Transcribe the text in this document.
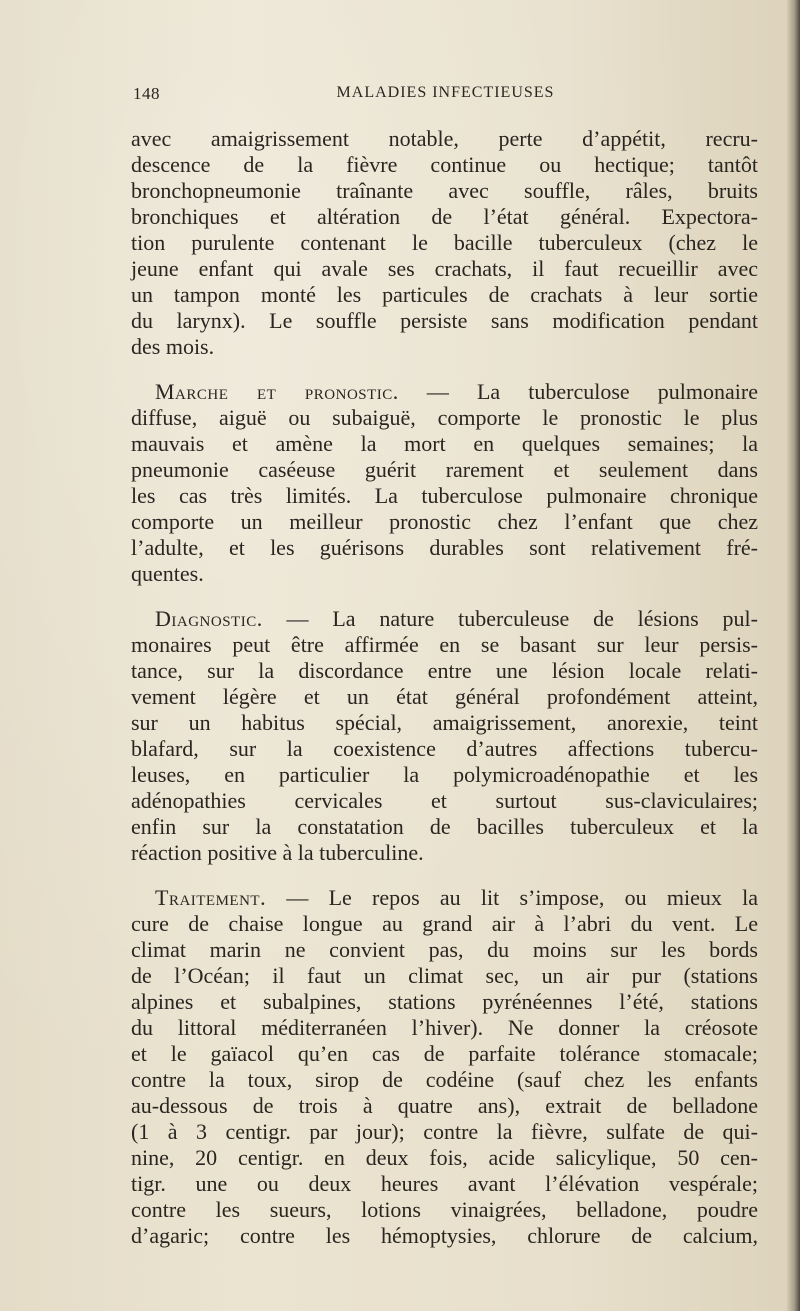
148	MALADIES INFECTIEUSES
avec amaigrissement notable, perte d’appétit, recru-
descence de la fièvre continue ou hectique; tantôt
bronchopneumonie traînante avec souffle, râles, bruits
bronchiques et altération de l’état général. Expectora-
tion purulente contenant le bacille tuberculeux (chez le
jeune enfant qui avale ses crachats, il faut recueillir avec
un tampon monté les particules de crachats à leur sortie
du larynx). Le souffle persiste sans modification pendant
des mois.
Marche et pronostic. — La tuberculose pulmonaire
diffuse, aiguë ou subaiguë, comporte le pronostic le plus
mauvais et amène la mort en quelques semaines; la
pneumonie caséeuse guérit rarement et seulement dans
les cas très limités. La tuberculose pulmonaire chronique
comporte un meilleur pronostic chez l’enfant que chez
l’adulte, et les guérisons durables sont relativement fré-
quentes.
Diagnostic. — La nature tuberculeuse de lésions pul-
monaires peut être affirmée en se basant sur leur persis-
tance, sur la discordance entre une lésion locale relati-
vement légère et un état général profondément atteint,
sur un habitus spécial, amaigrissement, anorexie, teint
blafard, sur la coexistence d’autres affections tubercu-
leuses, en particulier la polymicroadénopathie et les
adénopathies cervicales et surtout sus-claviculaires;
enfin sur la constatation de bacilles tuberculeux et la
réaction positive à la tuberculine.
Traitement. — Le repos au lit s’impose, ou mieux la
cure de chaise longue au grand air à l’abri du vent. Le
climat marin ne convient pas, du moins sur les bords
de l’Océan; il faut un climat sec, un air pur (stations
alpines et subalpines, stations pyrénéennes l’été, stations
du littoral méditerranéen l’hiver). Ne donner la créosote
et le gaïacol qu’en cas de parfaite tolérance stomacale;
contre la toux, sirop de codéine (sauf chez les enfants
au-dessous de trois à quatre ans), extrait de belladone
(1 à 3 centigr. par jour); contre la fièvre, sulfate de qui-
nine, 20 centigr. en deux fois, acide salicylique, 50 cen-
tigr. une ou deux heures avant l’élévation vespérale;
contre les sueurs, lotions vinaigrées, belladone, poudre
d’agaric; contre les hémoptysies, chlorure de calcium,
